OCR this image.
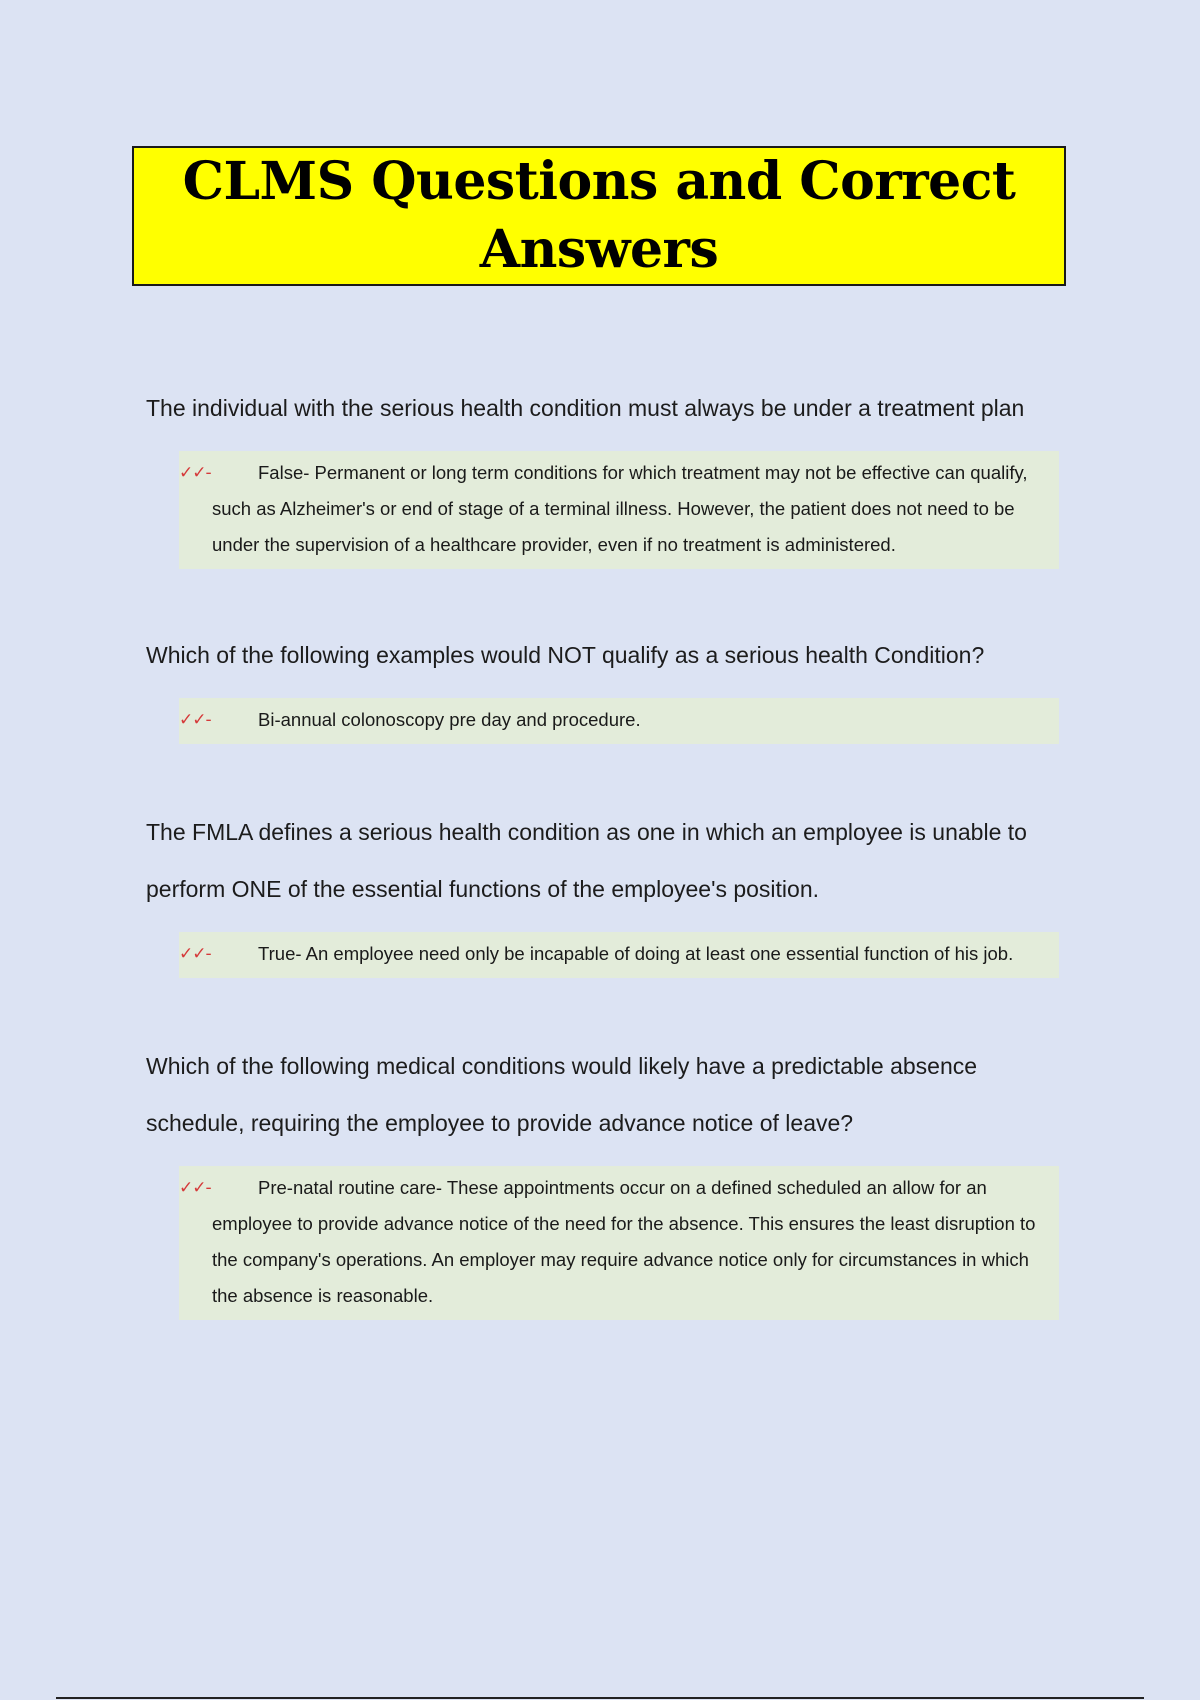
CLMS Questions and Correct Answers

The individual with the serious health condition must always be under a treatment plan

✓✓-	False- Permanent or long term conditions for which treatment may not be effective can qualify, such as Alzheimer's or end of stage of a terminal illness. However, the patient does not need to be under the supervision of a healthcare provider, even if no treatment is administered.

Which of the following examples would NOT qualify as a serious health Condition?

✓✓-	Bi-annual colonoscopy pre day and procedure.

The FMLA defines a serious health condition as one in which an employee is unable to perform ONE of the essential functions of the employee's position.

✓✓-	True- An employee need only be incapable of doing at least one essential function of his job.

Which of the following medical conditions would likely have a predictable absence schedule, requiring the employee to provide advance notice of leave?

✓✓-	Pre-natal routine care- These appointments occur on a defined scheduled an allow for an employee to provide advance notice of the need for the absence. This ensures the least disruption to the company's operations. An employer may require advance notice only for circumstances in which the absence is reasonable.
